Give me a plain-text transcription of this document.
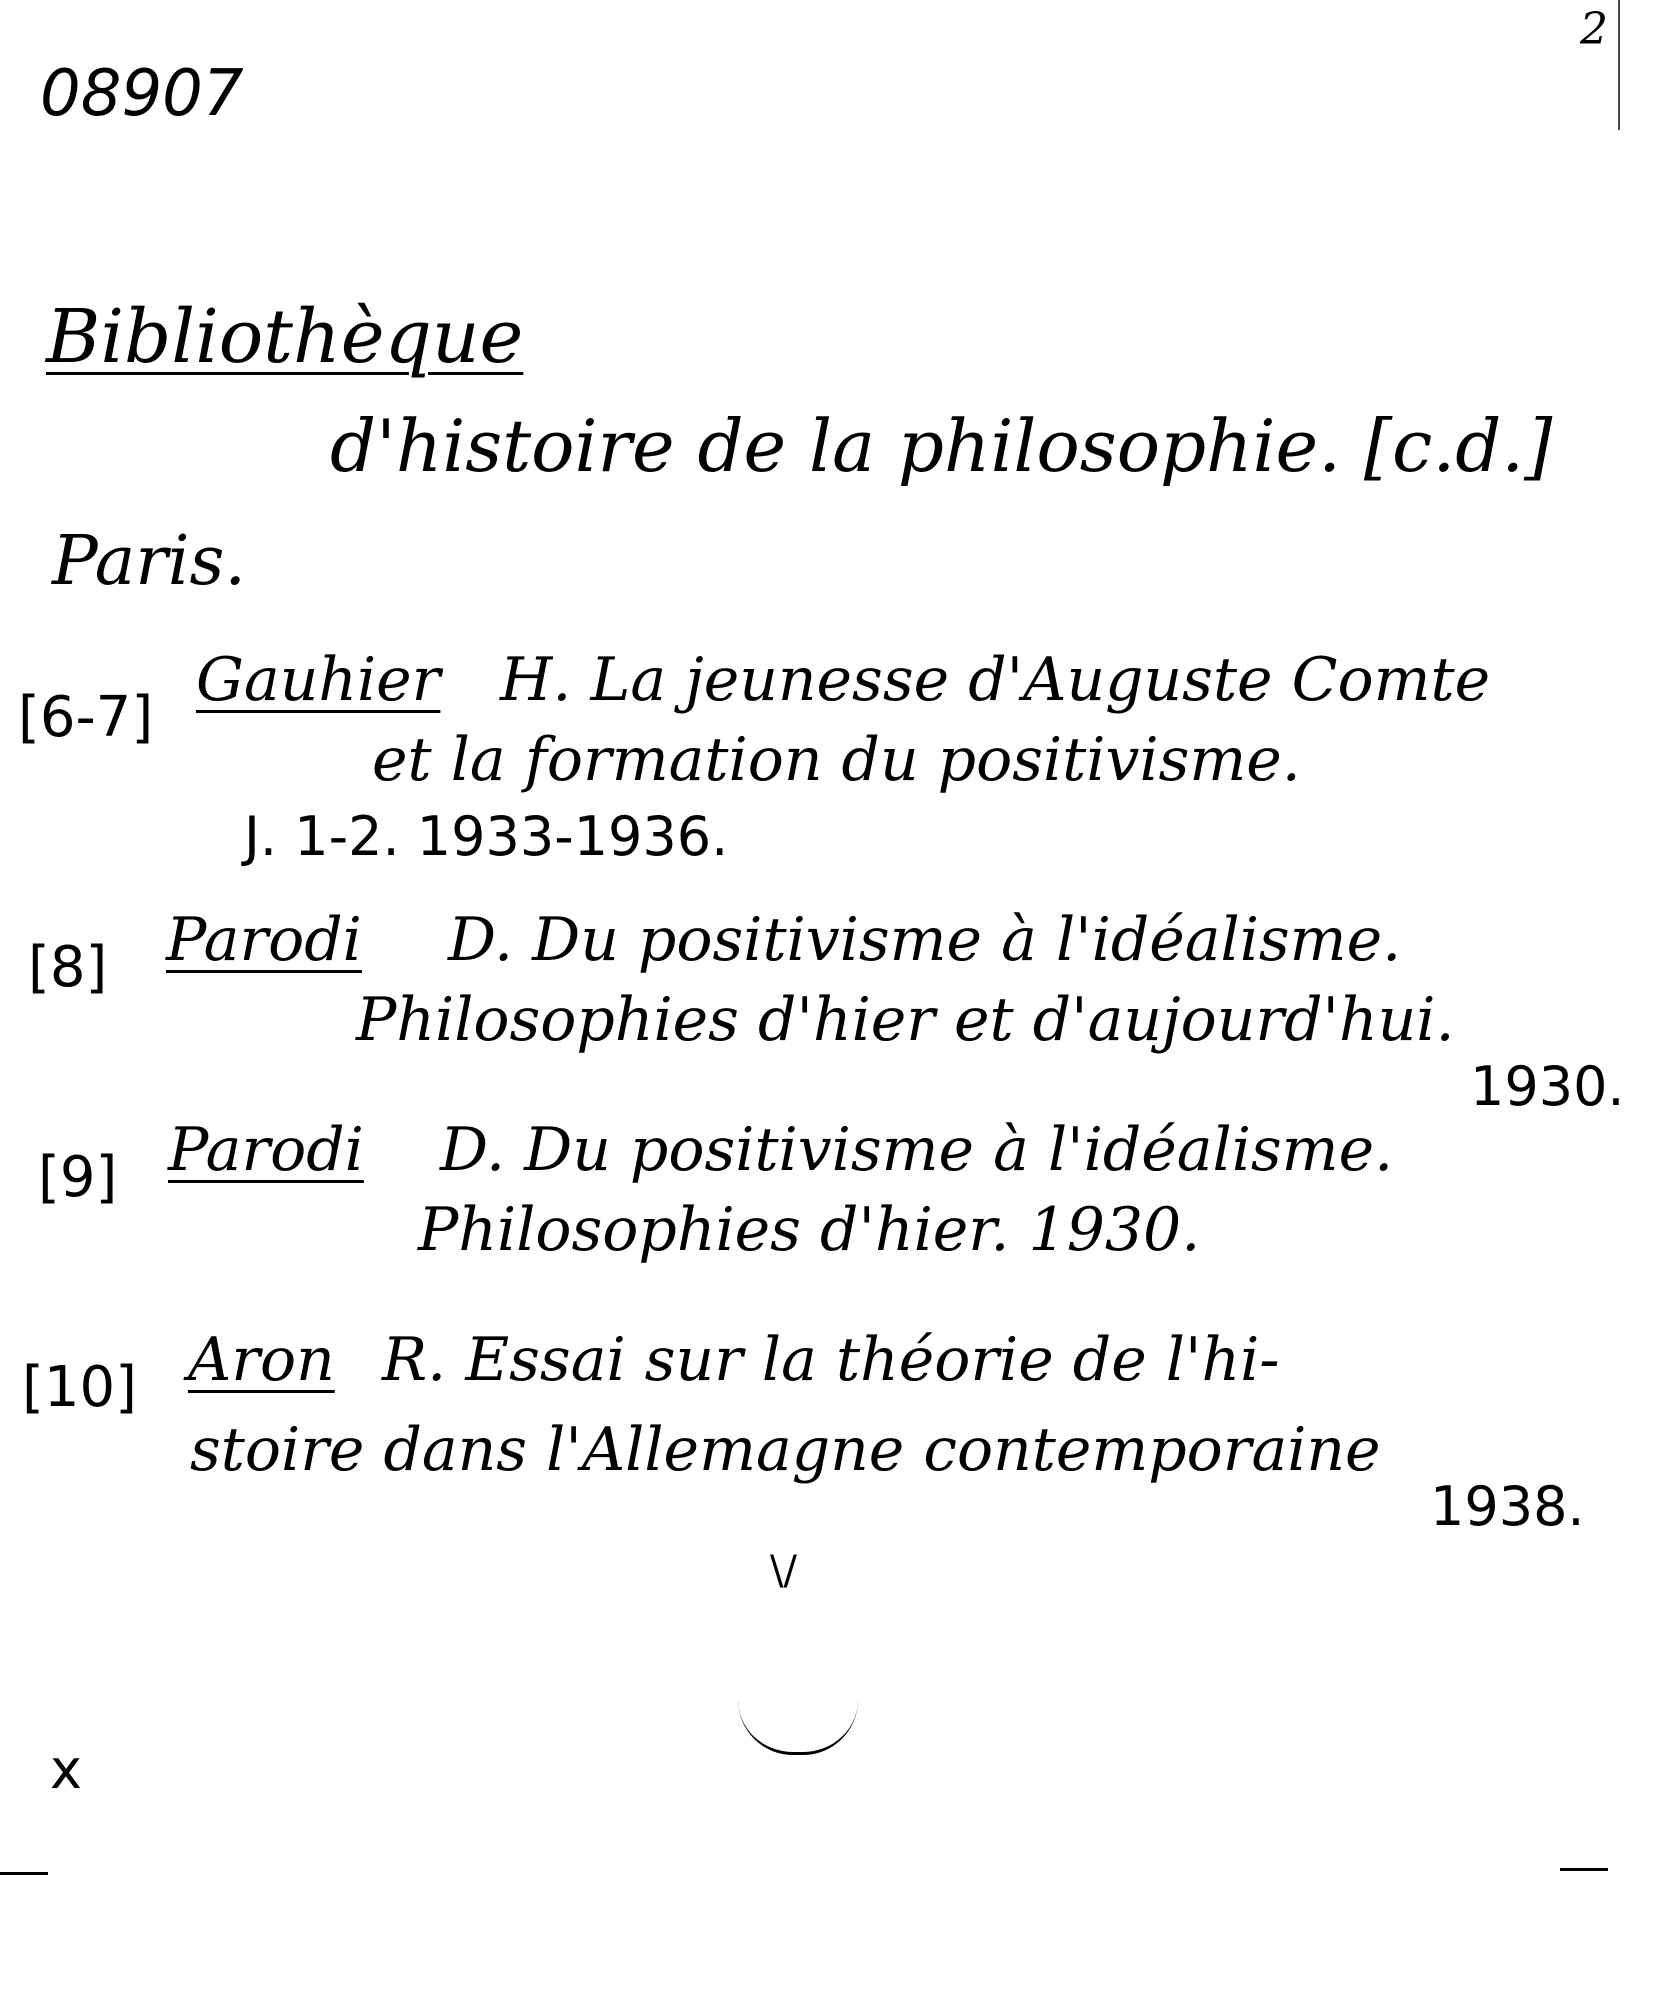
08907
2
Bibliothèque
d'histoire de la philosophie. [c.d.]
Paris.
[6-7]
Gauhier H. La jeunesse d'Auguste Comte
et la formation du positivisme.
J. 1-2. 1933-1936.
[8] Parodi D. Du positivisme à l'idéalisme.
Philosophies d'hier et d'aujourd'hui.
1930.
[9] Parodi D. Du positivisme à l'idéalisme.
Philosophies d'hier. 1930.
[10] Aron R. Essai sur la théorie de l'hi-
stoire dans l'Allemagne contemporaine
1938.
\/
x
